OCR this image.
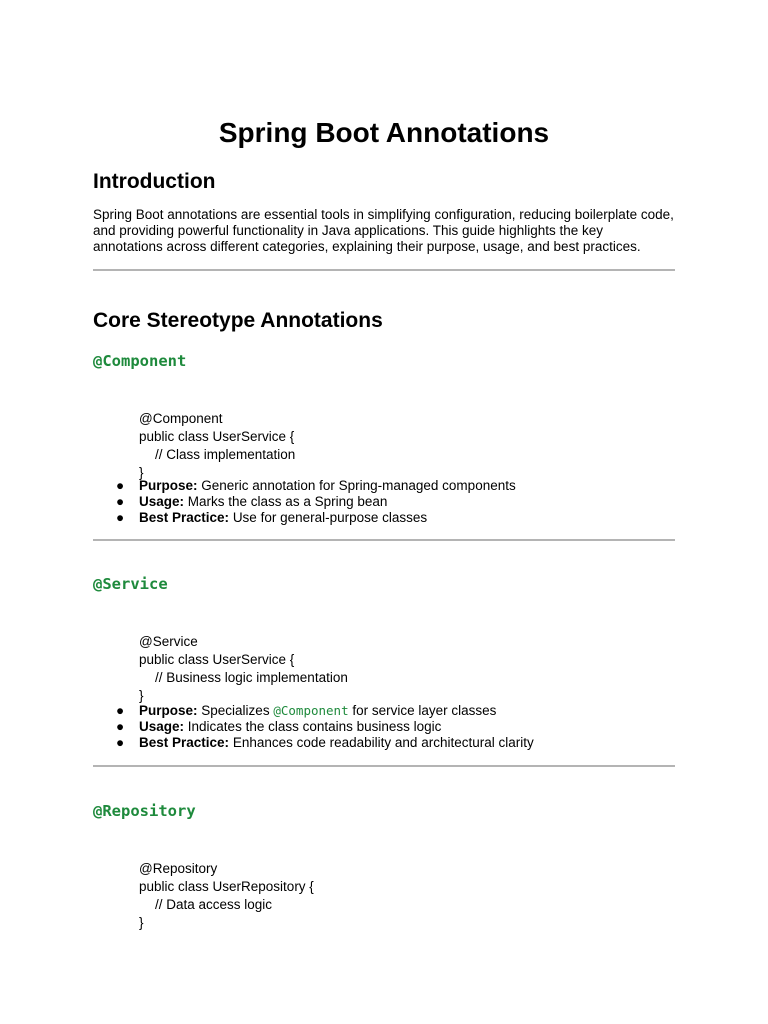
Spring Boot Annotations
Introduction

Spring Boot annotations are essential tools in simplifying configuration, reducing boilerplate code, and providing powerful functionality in Java applications. This guide highlights the key annotations across different categories, explaining their purpose, usage, and best practices.

Core Stereotype Annotations
@Component

@Component
public class UserService {
// Class implementation
}

● Purpose: Generic annotation for Spring-managed components
● Usage: Marks the class as a Spring bean
● Best Practice: Use for general-purpose classes
@Service

@Service
public class UserService {
// Business logic implementation
}

● Purpose: Specializes @Component for service layer classes
● Usage: Indicates the class contains business logic
● Best Practice: Enhances code readability and architectural clarity
@Repository

@Repository
public class UserRepository {
// Data access logic
}
